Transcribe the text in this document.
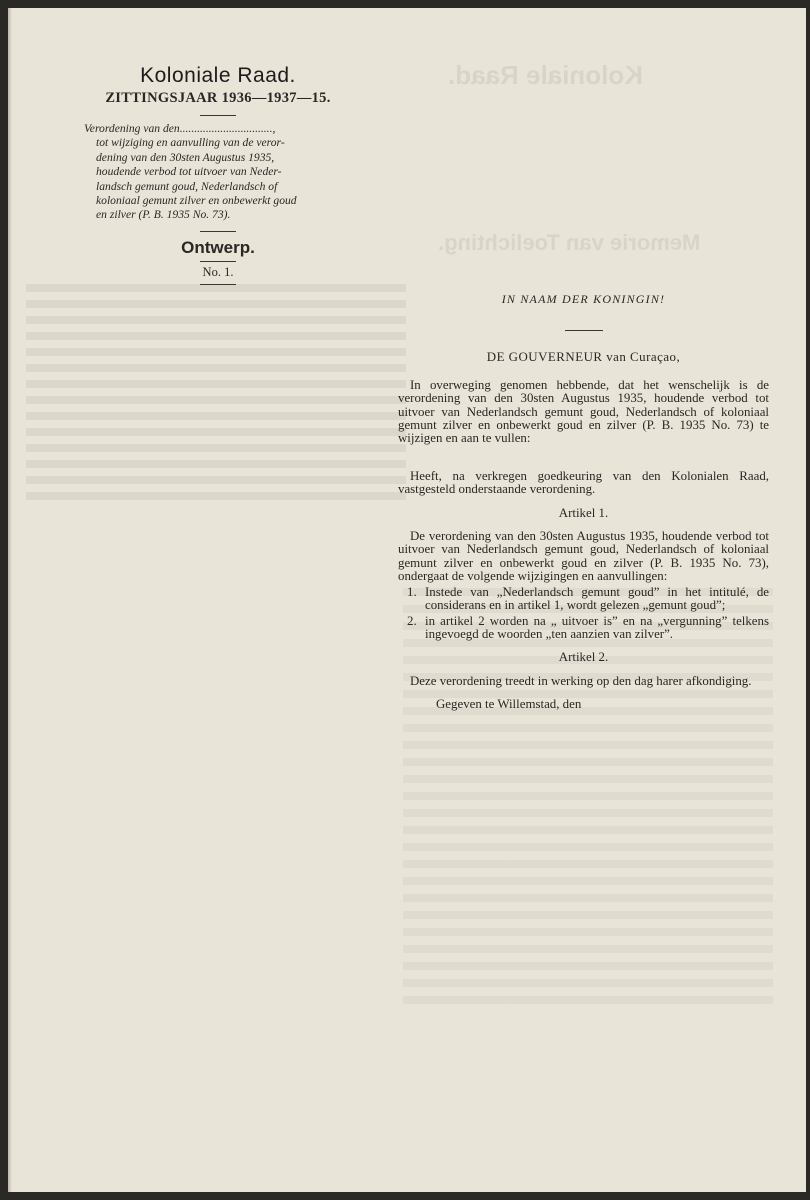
Koloniale Raad.
Memorie van Toelichting.
Koloniale Raad.
ZITTINGSJAAR 1936—1937—15.
Verordening van den................................,
tot wijziging en aanvulling van de veror-
dening van den 30sten Augustus 1935,
houdende verbod tot uitvoer van Neder-
landsch gemunt goud, Nederlandsch of
koloniaal gemunt zilver en onbewerkt goud
en zilver (P. B. 1935 No. 73).
Ontwerp.
No. 1.
IN NAAM DER KONINGIN!
DE GOUVERNEUR van Curaçao,

In overweging genomen hebbende, dat het wenschelijk is de verordening van den 30sten Augustus 1935, houdende verbod tot uitvoer van Nederlandsch gemunt goud, Nederlandsch of koloniaal gemunt zilver en onbewerkt goud en zilver (P. B. 1935 No. 73) te wijzigen en aan te vullen:

Heeft, na verkregen goedkeuring van den Kolonialen Raad, vastgesteld onderstaande verordening.

Artikel 1.

De verordening van den 30sten Augustus 1935, houdende verbod tot uitvoer van Nederlandsch gemunt goud, Nederlandsch of koloniaal gemunt zilver en onbewerkt goud en zilver (P. B. 1935 No. 73), ondergaat de volgende wijzigingen en aanvullingen:

1. Instede van „Nederlandsch gemunt goud” in het intitulé, de considerans en in artikel 1, wordt gelezen „gemunt goud”;
2. in artikel 2 worden na „ uitvoer is” en na „vergunning” telkens ingevoegd de woorden „ten aanzien van zilver”.
Artikel 2.

Deze verordening treedt in werking op den dag harer afkondiging.

Gegeven te Willemstad, den
